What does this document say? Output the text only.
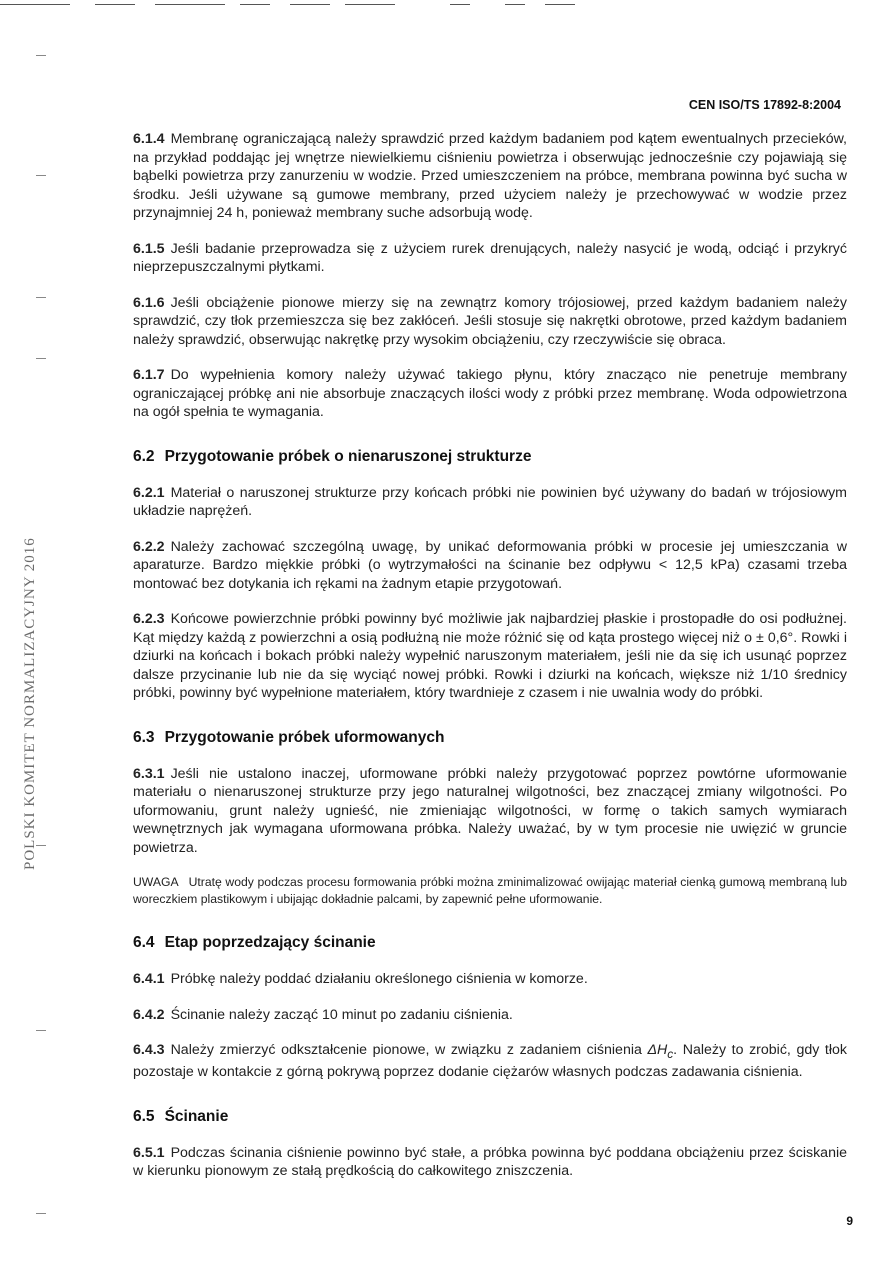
POLSKI KOMITET NORMALIZACYJNY 2016
CEN ISO/TS 17892-8:2004

6.1.4 Membranę ograniczającą należy sprawdzić przed każdym badaniem pod kątem ewentualnych przecieków, na przykład poddając jej wnętrze niewielkiemu ciśnieniu powietrza i obserwując jednocześnie czy pojawiają się bąbelki powietrza przy zanurzeniu w wodzie. Przed umieszczeniem na próbce, membrana powinna być sucha w środku. Jeśli używane są gumowe membrany, przed użyciem należy je przechowywać w wodzie przez przynajmniej 24 h, ponieważ membrany suche adsorbują wodę.

6.1.5 Jeśli badanie przeprowadza się z użyciem rurek drenujących, należy nasycić je wodą, odciąć i przykryć nieprzepuszczalnymi płytkami.

6.1.6 Jeśli obciążenie pionowe mierzy się na zewnątrz komory trójosiowej, przed każdym badaniem należy sprawdzić, czy tłok przemieszcza się bez zakłóceń. Jeśli stosuje się nakrętki obrotowe, przed każdym badaniem należy sprawdzić, obserwując nakrętkę przy wysokim obciążeniu, czy rzeczywiście się obraca.

6.1.7 Do wypełnienia komory należy używać takiego płynu, który znacząco nie penetruje membrany ograniczającej próbkę ani nie absorbuje znaczących ilości wody z próbki przez membranę. Woda odpowietrzona na ogół spełnia te wymagania.

6.2 Przygotowanie próbek o nienaruszonej strukturze

6.2.1 Materiał o naruszonej strukturze przy końcach próbki nie powinien być używany do badań w trójosiowym układzie naprężeń.

6.2.2 Należy zachować szczególną uwagę, by unikać deformowania próbki w procesie jej umieszczania w aparaturze. Bardzo miękkie próbki (o wytrzymałości na ścinanie bez odpływu < 12,5 kPa) czasami trzeba montować bez dotykania ich rękami na żadnym etapie przygotowań.

6.2.3 Końcowe powierzchnie próbki powinny być możliwie jak najbardziej płaskie i prostopadłe do osi podłużnej. Kąt między każdą z powierzchni a osią podłużną nie może różnić się od kąta prostego więcej niż o ± 0,6°. Rowki i dziurki na końcach i bokach próbki należy wypełnić naruszonym materiałem, jeśli nie da się ich usunąć poprzez dalsze przycinanie lub nie da się wyciąć nowej próbki. Rowki i dziurki na końcach, większe niż 1/10 średnicy próbki, powinny być wypełnione materiałem, który twardnieje z czasem i nie uwalnia wody do próbki.

6.3 Przygotowanie próbek uformowanych

6.3.1 Jeśli nie ustalono inaczej, uformowane próbki należy przygotować poprzez powtórne uformowanie materiału o nienaruszonej strukturze przy jego naturalnej wilgotności, bez znaczącej zmiany wilgotności. Po uformowaniu, grunt należy ugnieść, nie zmieniając wilgotności, w formę o takich samych wymiarach wewnętrznych jak wymagana uformowana próbka. Należy uważać, by w tym procesie nie uwięzić w gruncie powietrza.

UWAGA Utratę wody podczas procesu formowania próbki można zminimalizować owijając materiał cienką gumową membraną lub woreczkiem plastikowym i ubijając dokładnie palcami, by zapewnić pełne uformowanie.

6.4 Etap poprzedzający ścinanie

6.4.1 Próbkę należy poddać działaniu określonego ciśnienia w komorze.

6.4.2 Ścinanie należy zacząć 10 minut po zadaniu ciśnienia.

6.4.3 Należy zmierzyć odkształcenie pionowe, w związku z zadaniem ciśnienia $\Delta H_c$. Należy to zrobić, gdy tłok pozostaje w kontakcie z górną pokrywą poprzez dodanie ciężarów własnych podczas zadawania ciśnienia.

6.5 Ścinanie

6.5.1 Podczas ścinania ciśnienie powinno być stałe, a próbka powinna być poddana obciążeniu przez ściskanie w kierunku pionowym ze stałą prędkością do całkowitego zniszczenia.

9
